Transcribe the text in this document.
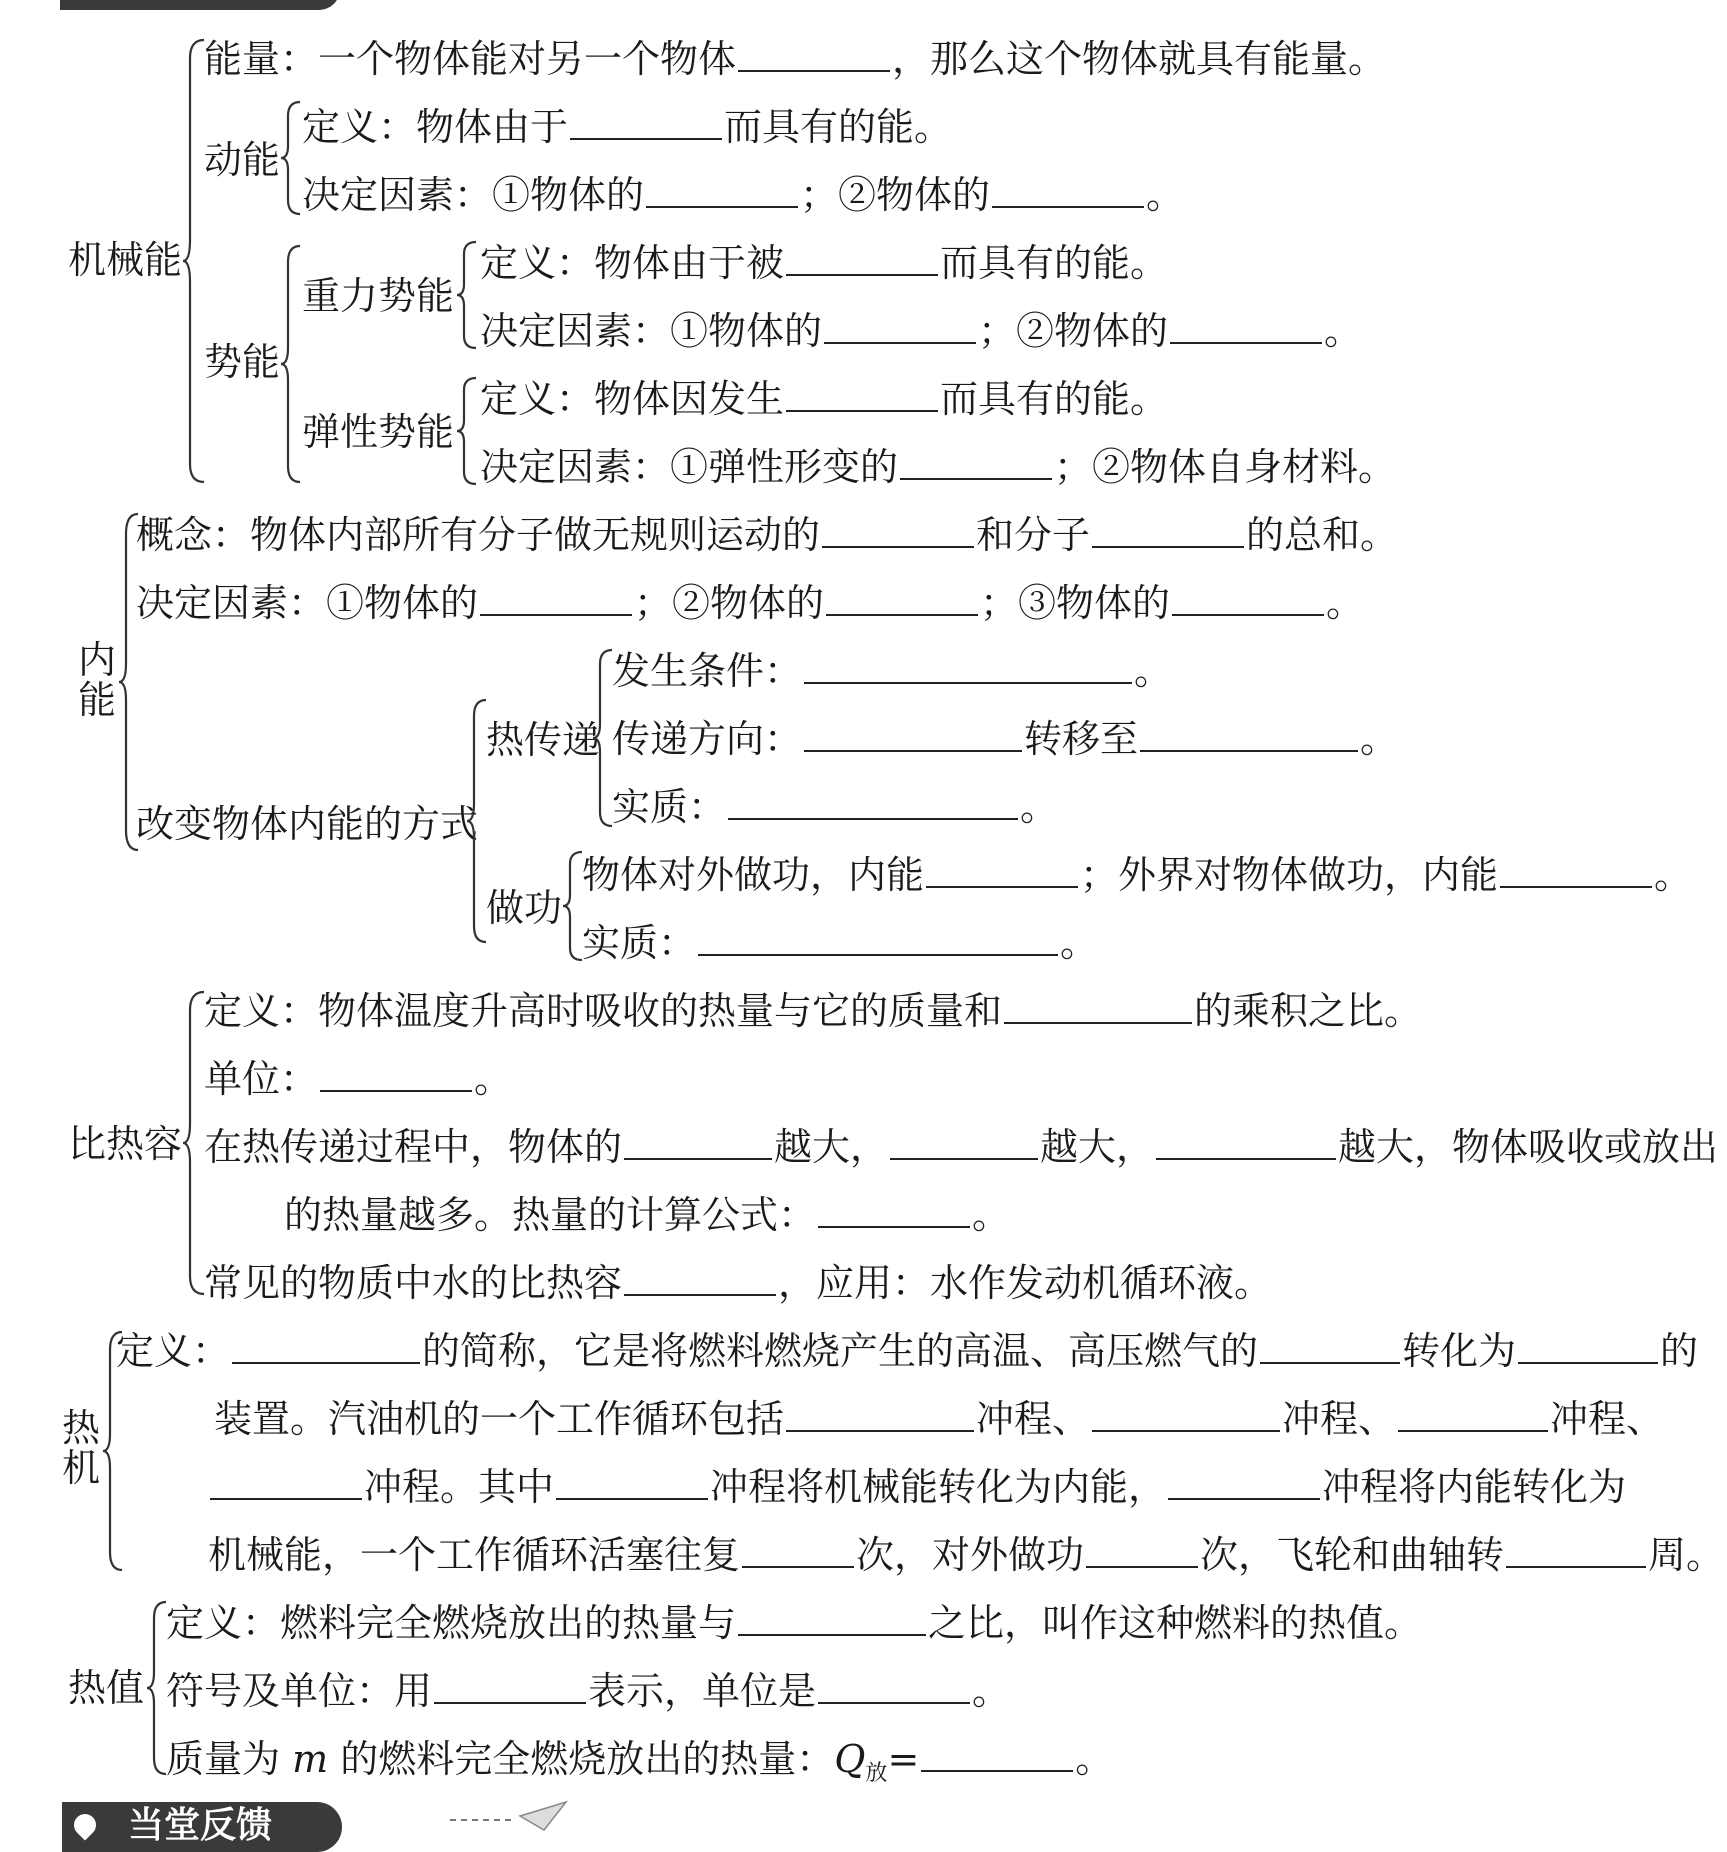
机械能
能量：一个物体能对另一个物体	，那么这个物体就具有能量。
动能
定义：物体由于	而具有的能。
决定因素：①物体的	；②物体的	。
势能
重力势能
定义：物体由于被	而具有的能。
决定因素：①物体的	；②物体的	。
弹性势能
定义：物体因发生	而具有的能。
决定因素：①弹性形变的	；②物体自身材料。
内能
概念：物体内部所有分子做无规则运动的	和分子	的总和。
决定因素：①物体的	；②物体的	；③物体的	。
改变物体内能的方式
热传递
发生条件：	。
传递方向：	转移至	。
实质：	。
做功
物体对外做功，内能	；外界对物体做功，内能	。
实质：	。
比热容
定义：物体温度升高时吸收的热量与它的质量和	的乘积之比。
单位：	。
在热传递过程中，物体的	越大，	越大，	越大，物体吸收或放出
的热量越多。热量的计算公式：	。
常见的物质中水的比热容	，应用：水作发动机循环液。
热机
定义：	的简称，它是将燃料燃烧产生的高温、高压燃气的	转化为	的
装置。汽油机的一个工作循环包括	冲程、	冲程、	冲程、
冲程。其中	冲程将机械能转化为内能，	冲程将内能转化为
机械能，一个工作循环活塞往复	次，对外做功	次，飞轮和曲轴转	周。
热值
定义：燃料完全燃烧放出的热量与	之比，叫作这种燃料的热值。
符号及单位：用	表示，单位是	。
质量为 m 的燃料完全燃烧放出的热量：$Q_放=$	。
当堂反馈
